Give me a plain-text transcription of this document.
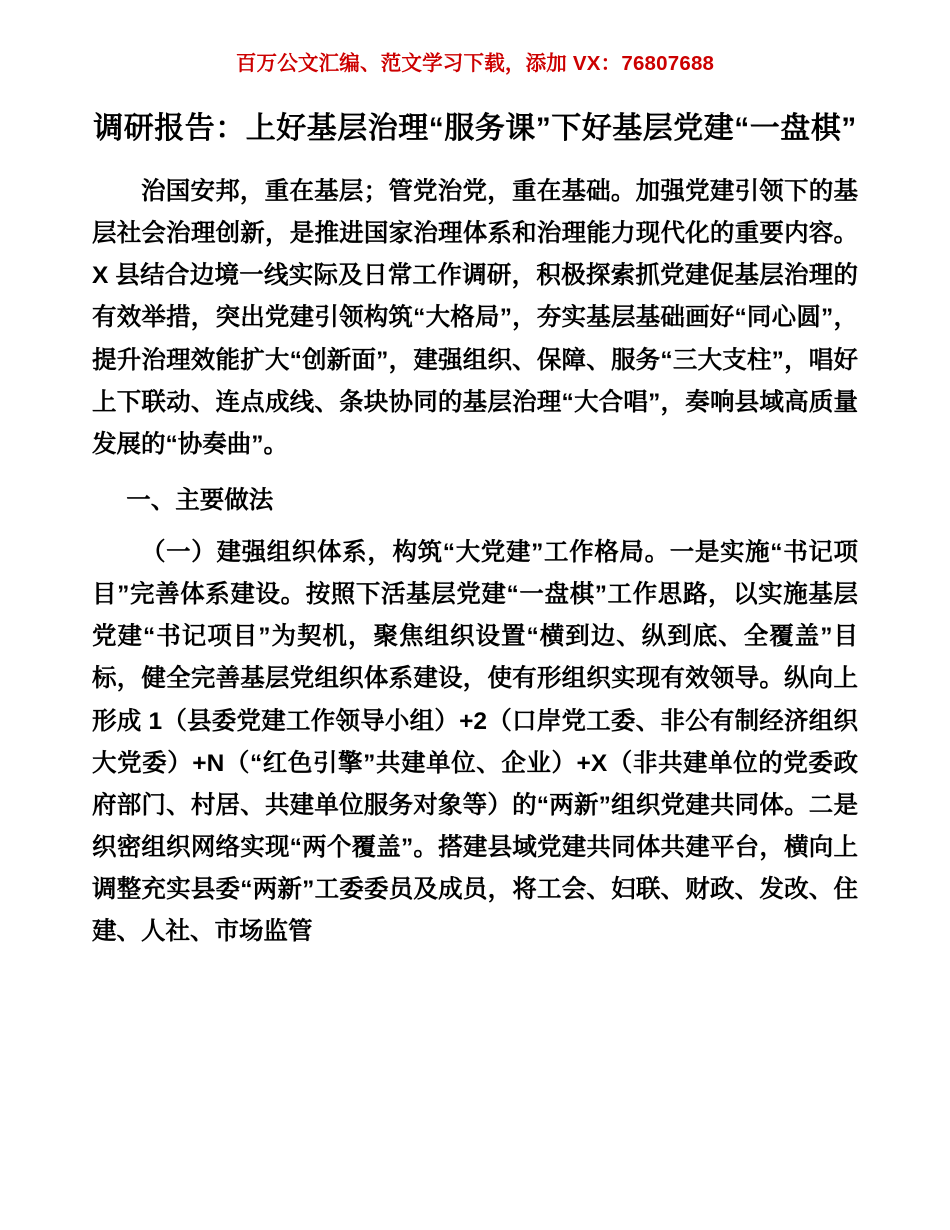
百万公文汇编、范文学习下载，添加 VX：76807688
调研报告：上好基层治理“服务课”下好基层党建“一盘棋”

治国安邦，重在基层；管党治党，重在基础。加强党建引领下的基层社会治理创新，是推进国家治理体系和治理能力现代化的重要内容。X 县结合边境一线实际及日常工作调研，积极探索抓党建促基层治理的有效举措，突出党建引领构筑“大格局”，夯实基层基础画好“同心圆”，提升治理效能扩大“创新面”，建强组织、保障、服务“三大支柱”，唱好上下联动、连点成线、条块协同的基层治理“大合唱”，奏响县域高质量发展的“协奏曲”。

一、主要做法

（一）建强组织体系，构筑“大党建”工作格局。一是实施“书记项目”完善体系建设。按照下活基层党建“一盘棋”工作思路，以实施基层党建“书记项目”为契机，聚焦组织设置“横到边、纵到底、全覆盖”目标，健全完善基层党组织体系建设，使有形组织实现有效领导。纵向上形成 1（县委党建工作领导小组）+2（口岸党工委、非公有制经济组织大党委）+N（“红色引擎”共建单位、企业）+X（非共建单位的党委政府部门、村居、共建单位服务对象等）的“两新”组织党建共同体。二是织密组织网络实现“两个覆盖”。搭建县域党建共同体共建平台，横向上调整充实县委“两新”工委委员及成员，将工会、妇联、财政、发改、住建、人社、市场监管
